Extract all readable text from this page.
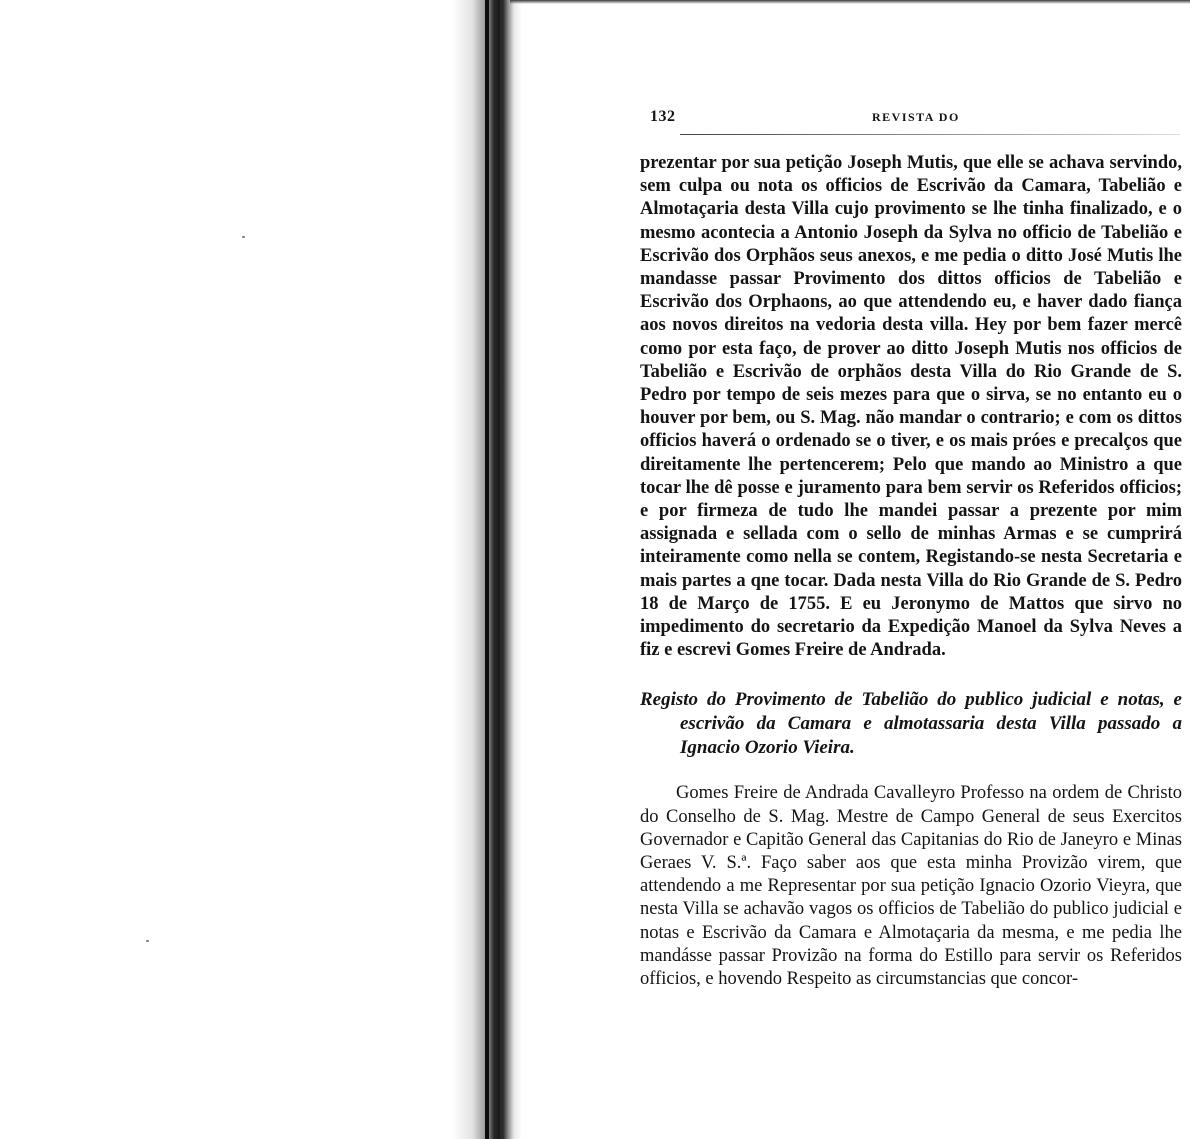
132	REVISTA DO

prezentar por sua petição Joseph Mutis, que elle se achava servindo, sem culpa ou nota os officios de Escrivão da Camara, Tabelião e Almotaçaria desta Villa cujo provimento se lhe tinha finalizado, e o mesmo acontecia a Antonio Joseph da Sylva no officio de Tabelião e Escrivão dos Orphãos seus anexos, e me pedia o ditto José Mutis lhe mandasse passar Provimento dos dittos officios de Tabelião e Escrivão dos Orphaons, ao que attendendo eu, e haver dado fiança aos novos direitos na vedoria desta villa. Hey por bem fazer mercê como por esta faço, de prover ao ditto Joseph Mutis nos officios de Tabelião e Escrivão de orphãos desta Villa do Rio Grande de S. Pedro por tempo de seis mezes para que o sirva, se no entanto eu o houver por bem, ou S. Mag. não mandar o contrario; e com os dittos officios haverá o ordenado se o tiver, e os mais próes e precalços que direitamente lhe pertencerem; Pelo que mando ao Ministro a que tocar lhe dê posse e juramento para bem servir os Referidos officios; e por firmeza de tudo lhe mandei passar a prezente por mim assignada e sellada com o sello de minhas Armas e se cumprirá inteiramente como nella se contem, Registando-se nesta Secretaria e mais partes a qne tocar. Dada nesta Villa do Rio Grande de S. Pedro 18 de Março de 1755. E eu Jeronymo de Mattos que sirvo no impedimento do secretario da Expedição Manoel da Sylva Neves a fiz e escrevi Gomes Freire de Andrada.

Registo do Provimento de Tabelião do publico judicial e notas, e escrivão da Camara e almotassaria desta Villa passado a Ignacio Ozorio Vieira.

Gomes Freire de Andrada Cavalleyro Professo na ordem de Christo do Conselho de S. Mag. Mestre de Campo General de seus Exercitos Governador e Capitão General das Capitanias do Rio de Janeyro e Minas Geraes V. S.ª. Faço saber aos que esta minha Provizão virem, que attendendo a me Representar por sua petição Ignacio Ozorio Vieyra, que nesta Villa se achavão vagos os officios de Tabelião do publico judicial e notas e Escrivão da Camara e Almotaçaria da mesma, e me pedia lhe mandásse passar Provizão na forma do Estillo para servir os Referidos officios, e hovendo Respeito as circumstancias que concor-
